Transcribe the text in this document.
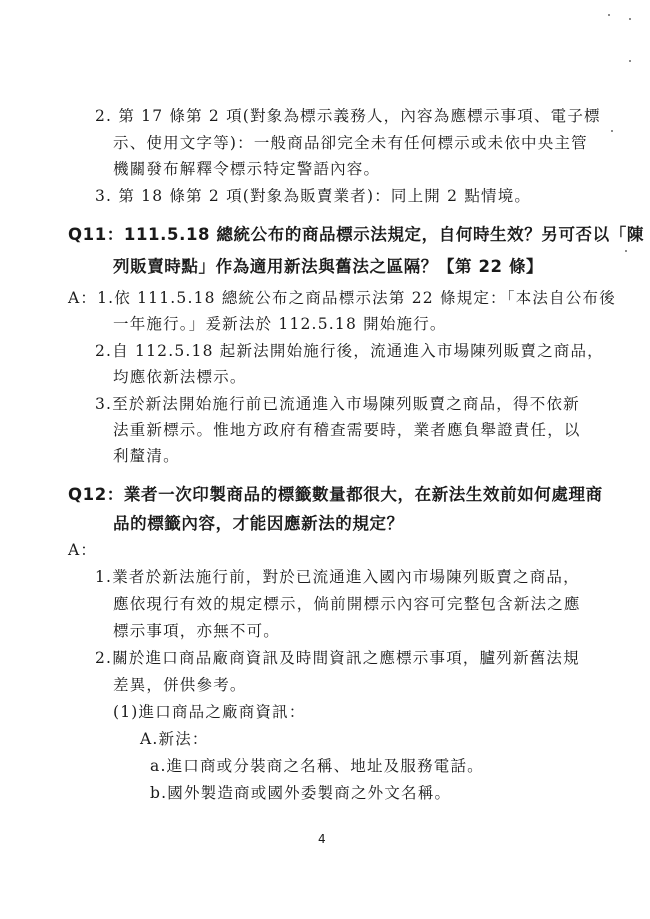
2. 第 17 條第 2 項(對象為標示義務人，內容為應標示事項、電子標
示、使用文字等)：一般商品卻完全未有任何標示或未依中央主管
機關發布解釋令標示特定警語內容。
3. 第 18 條第 2 項(對象為販賣業者)：同上開 2 點情境。
Q11：111.5.18 總統公布的商品標示法規定，自何時生效？另可否以「陳
列販賣時點」作為適用新法與舊法之區隔？【第 22 條】
A：1.依 111.5.18 總統公布之商品標示法第 22 條規定：「本法自公布後
一年施行。」爰新法於 112.5.18 開始施行。
2.自 112.5.18 起新法開始施行後，流通進入市場陳列販賣之商品，
均應依新法標示。
3.至於新法開始施行前已流通進入市場陳列販賣之商品，得不依新
法重新標示。惟地方政府有稽查需要時，業者應負舉證責任，以
利釐清。
Q12：業者一次印製商品的標籤數量都很大，在新法生效前如何處理商
品的標籤內容，才能因應新法的規定？
A：
1.業者於新法施行前，對於已流通進入國內市場陳列販賣之商品，
應依現行有效的規定標示，倘前開標示內容可完整包含新法之應
標示事項，亦無不可。
2.關於進口商品廠商資訊及時間資訊之應標示事項，臚列新舊法規
差異，併供參考。
(1)進口商品之廠商資訊：
A.新法：
a.進口商或分裝商之名稱、地址及服務電話。
b.國外製造商或國外委製商之外文名稱。
4
